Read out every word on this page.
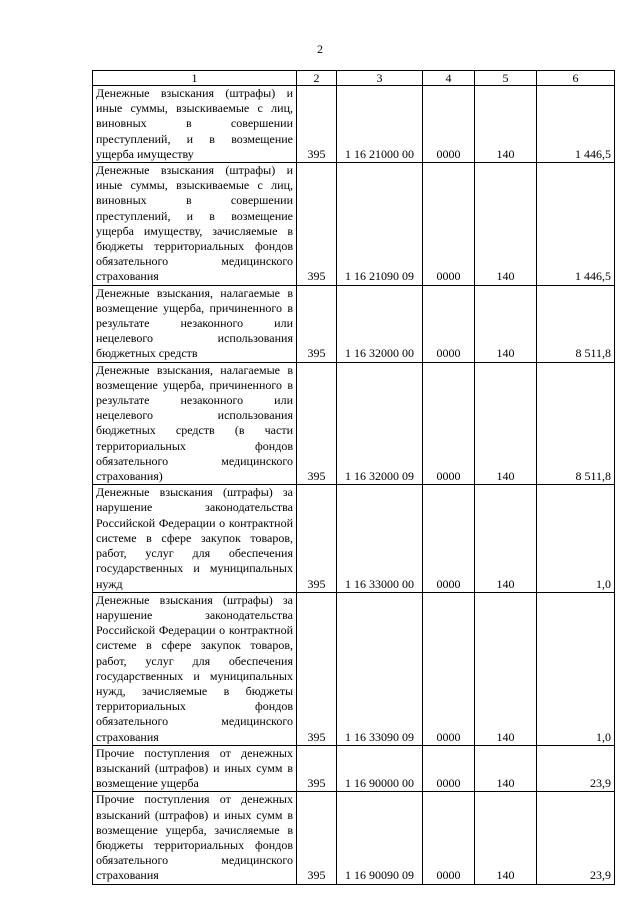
2
1	2	3	4	5	6

Денежные взыскания (штрафы) и иные суммы, взыскиваемые с лиц, виновных в совершении преступлений, и в возмещение ущерба имуществу	395	1 16 21000 00	0000	140	1 446,5

Денежные взыскания (штрафы) и иные суммы, взыскиваемые с лиц, виновных в совершении преступлений, и в возмещение ущерба имуществу, зачисляемые в бюджеты территориальных фондов обязательного медицинского страхования	395	1 16 21090 09	0000	140	1 446,5

Денежные взыскания, налагаемые в возмещение ущерба, причиненного в результате незаконного или нецелевого использования бюджетных средств	395	1 16 32000 00	0000	140	8 511,8

Денежные взыскания, налагаемые в возмещение ущерба, причиненного в результате незаконного или нецелевого использования бюджетных средств (в части территориальных фондов обязательного медицинского страхования)	395	1 16 32000 09	0000	140	8 511,8

Денежные взыскания (штрафы) за нарушение законодательства Российской Федерации о контрактной системе в сфере закупок товаров, работ, услуг для обеспечения государственных и муниципальных нужд	395	1 16 33000 00	0000	140	1,0

Денежные взыскания (штрафы) за нарушение законодательства Российской Федерации о контрактной системе в сфере закупок товаров, работ, услуг для обеспечения государственных и муниципальных нужд, зачисляемые в бюджеты территориальных фондов обязательного медицинского страхования	395	1 16 33090 09	0000	140	1,0

Прочие поступления от денежных взысканий (штрафов) и иных сумм в возмещение ущерба	395	1 16 90000 00	0000	140	23,9

Прочие поступления от денежных взысканий (штрафов) и иных сумм в возмещение ущерба, зачисляемые в бюджеты территориальных фондов обязательного медицинского страхования	395	1 16 90090 09	0000	140	23,9
